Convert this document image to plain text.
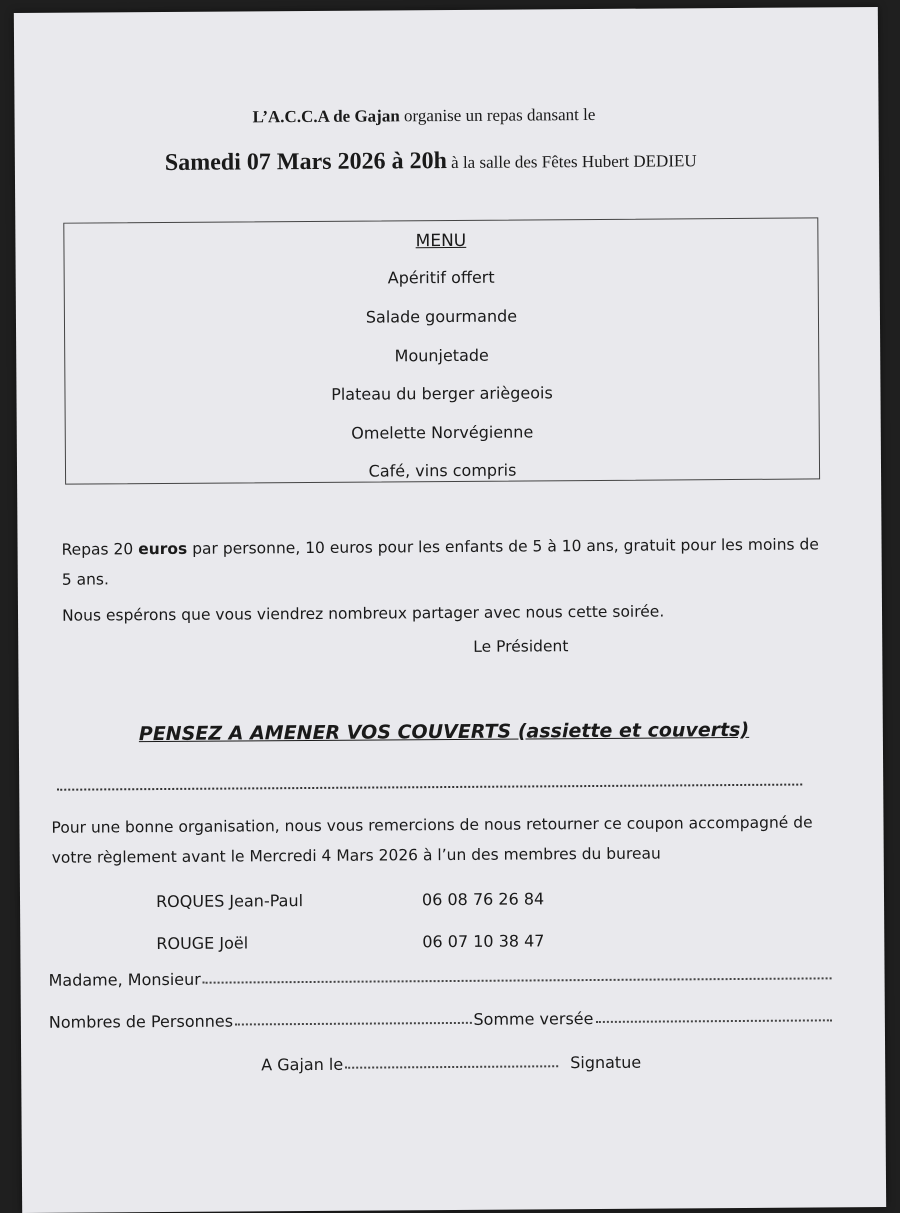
L’A.C.C.A de Gajan organise un repas dansant le
Samedi 07 Mars 2026 à 20h à la salle des Fêtes Hubert DEDIEU
MENU
Apéritif offert
Salade gourmande
Mounjetade
Plateau du berger ariègeois
Omelette Norvégienne
Café, vins compris
Repas 20 euros par personne, 10 euros pour les enfants de 5 à 10 ans, gratuit pour les moins de 5 ans.
Nous espérons que vous viendrez nombreux partager avec nous cette soirée.
Le Président
PENSEZ A AMENER VOS COUVERTS (assiette et couverts)
Pour une bonne organisation, nous vous remercions de nous retourner ce coupon accompagné de votre règlement avant le Mercredi 4 Mars 2026 à l’un des membres du bureau
ROQUES Jean-Paul	06 08 76 26 84
ROUGE Joël	06 07 10 38 47
Madame, Monsieur
Nombres de Personnes	Somme versée
A Gajan le	Signatue
